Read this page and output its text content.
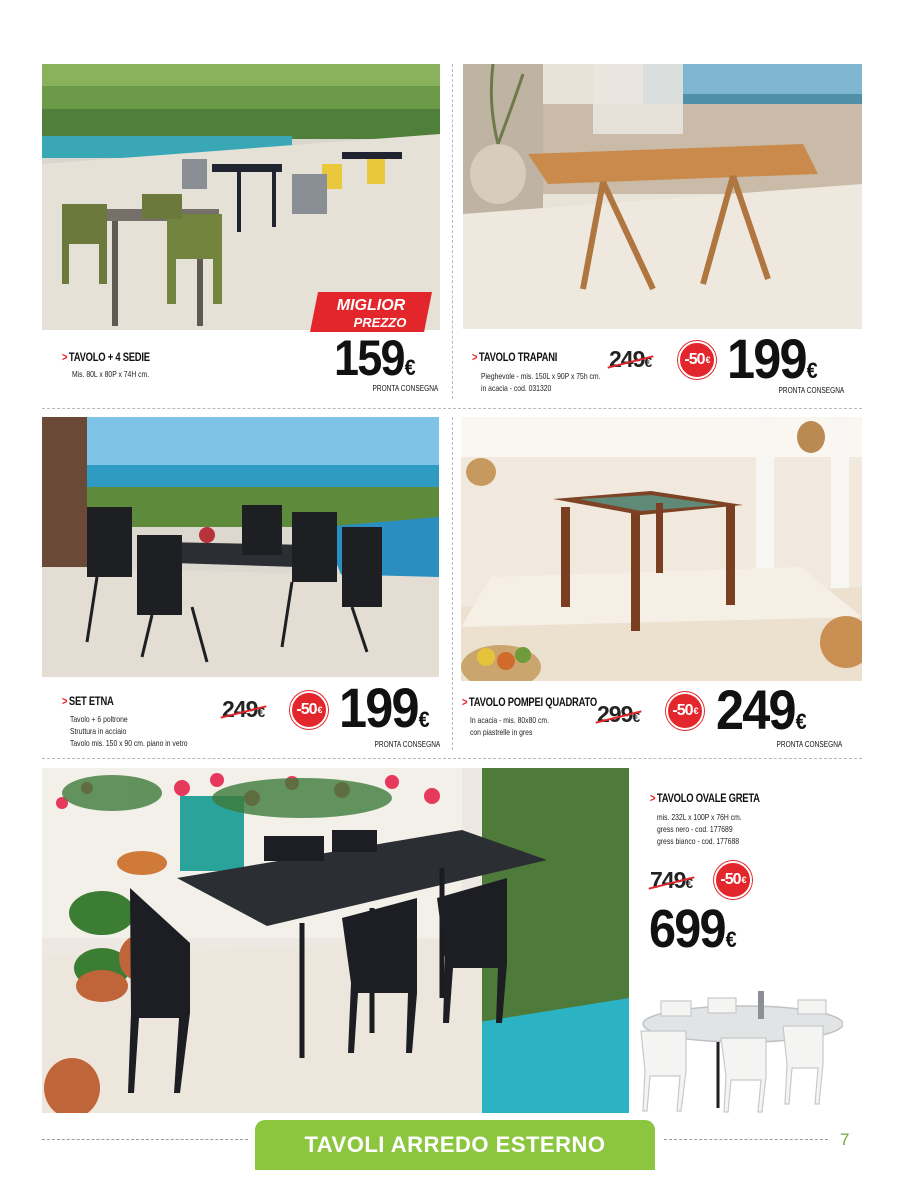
MIGLIOR
PREZZO
> TAVOLO + 4 SEDIE
Mis. 80L x 80P x 74H cm.	159€
PRONTA CONSEGNA
> TAVOLO TRAPANI
Pieghevole - mis. 150L x 90P x 75h cm.
in acacia - cod. 031320
249€ -50 € 199€
PRONTA CONSEGNA
> SET ETNA
Tavolo + 6 poltrone
Struttura in acciaio
Tavolo mis. 150 x 90 cm. piano in vetro
249€ -50 € 199€
PRONTA CONSEGNA
> TAVOLO POMPEI QUADRATO
In acacia - mis. 80x80 cm.
con piastrelle in gres
299€ -50 € 249€
PRONTA CONSEGNA
> TAVOLO OVALE GRETA
mis. 232L x 100P x 76H cm.
gress nero - cod. 177689
gress bianco - cod. 177688
749€ -50 €
699€
TAVOLI ARREDO ESTERNO	7
